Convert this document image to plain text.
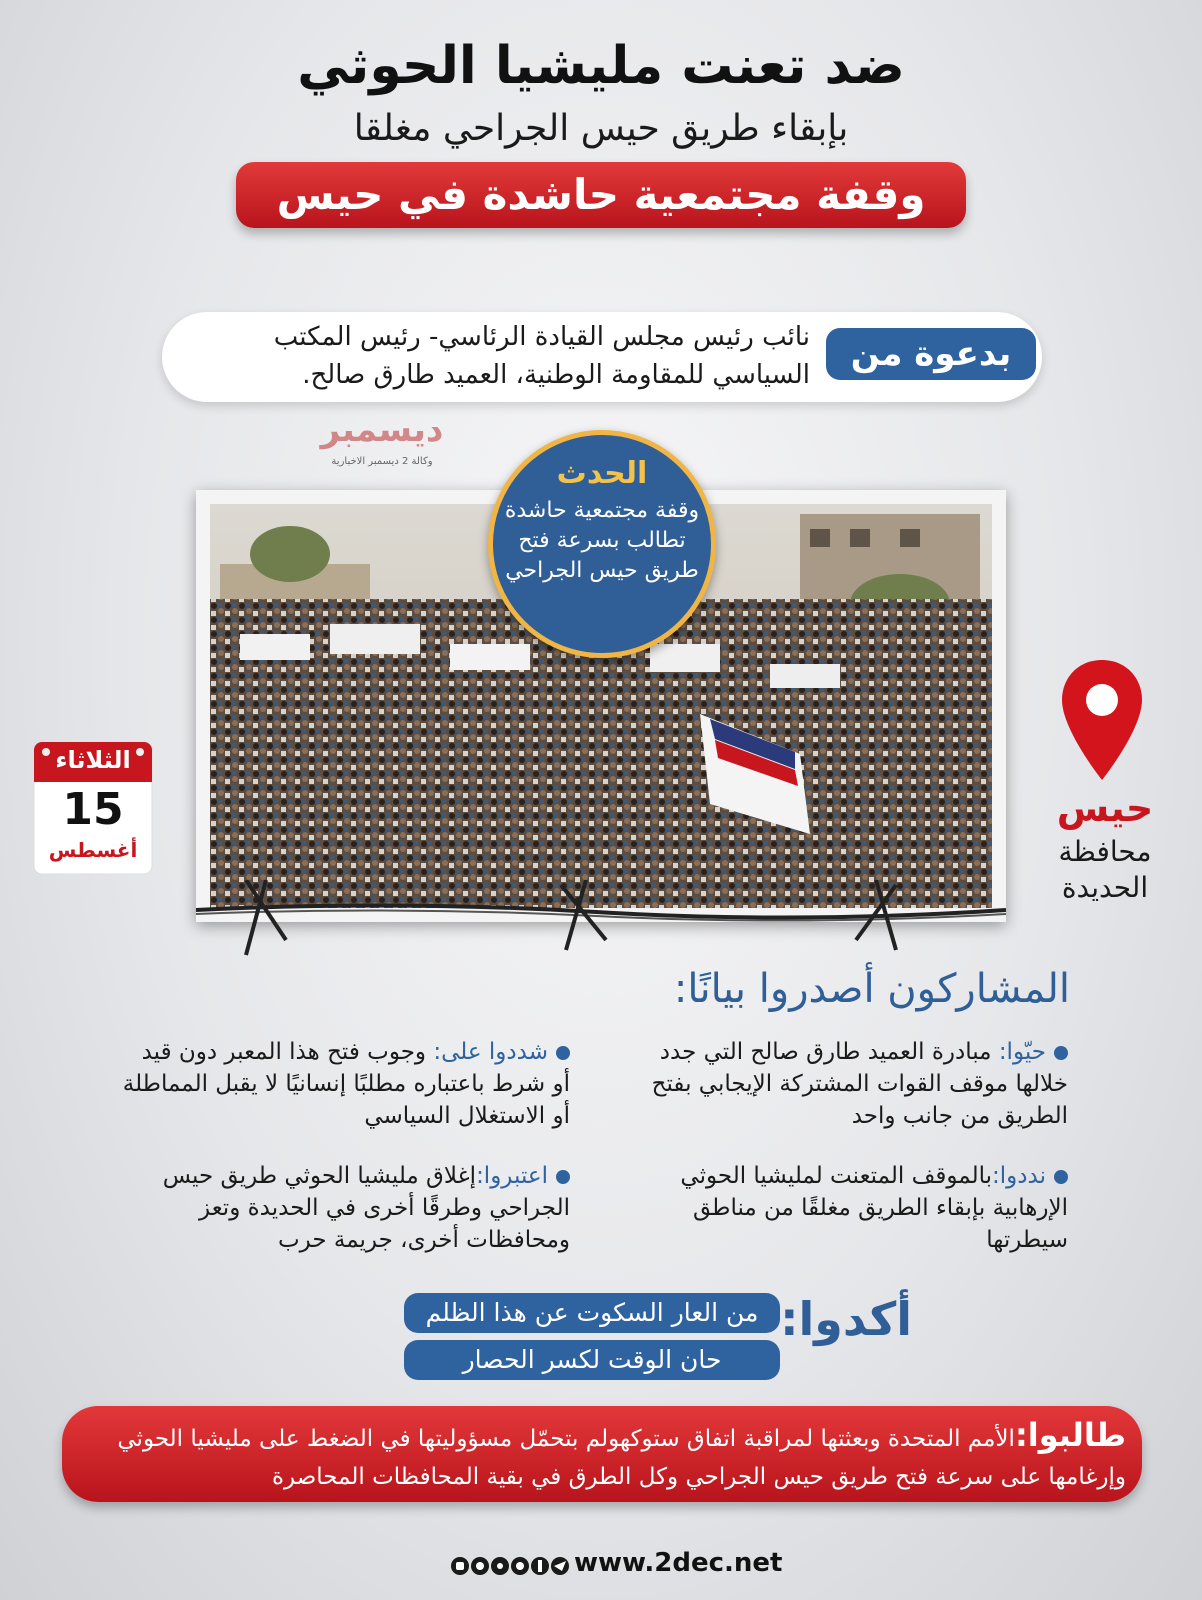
ضد تعنت مليشيا الحوثي
بإبقاء طريق حيس الجراحي مغلقا
وقفة مجتمعية حاشدة في حيس
بدعوة من
نائب رئيس مجلس القيادة الرئاسي- رئيس المكتب
السياسي للمقاومة الوطنية، العميد طارق صالح.
ديسمبر
وكالة 2 ديسمبر الاخبارية	الحدث
وقفة مجتمعية حاشدة تطالب بسرعة فتح طريق حيس الجراحي
الثلاثاء
15
أغسطس
حيس
محافظة
الحديدة
المشاركون أصدروا بيانًا:
حيّوا: مبادرة العميد طارق صالح التي جدد خلالها موقف القوات المشتركة الإيجابي بفتح الطريق من جانب واحد
شددوا على: وجوب فتح هذا المعبر دون قيد أو شرط باعتباره مطلبًا إنسانيًا لا يقبل المماطلة أو الاستغلال السياسي
نددوا:بالموقف المتعنت لمليشيا الحوثي الإرهابية بإبقاء الطريق مغلقًا من مناطق سيطرتها
اعتبروا:إغلاق مليشيا الحوثي طريق حيس الجراحي وطرقًا أخرى في الحديدة وتعز ومحافظات أخرى، جريمة حرب
أكدوا:
من العار السكوت عن هذا الظلم
حان الوقت لكسر الحصار
طالبوا:الأمم المتحدة وبعثتها لمراقبة اتفاق ستوكهولم بتحمّل مسؤوليتها في الضغط على مليشيا الحوثي وإرغامها على سرعة فتح طريق حيس الجراحي وكل الطرق في بقية المحافظات المحاصرة
www.2dec.net
